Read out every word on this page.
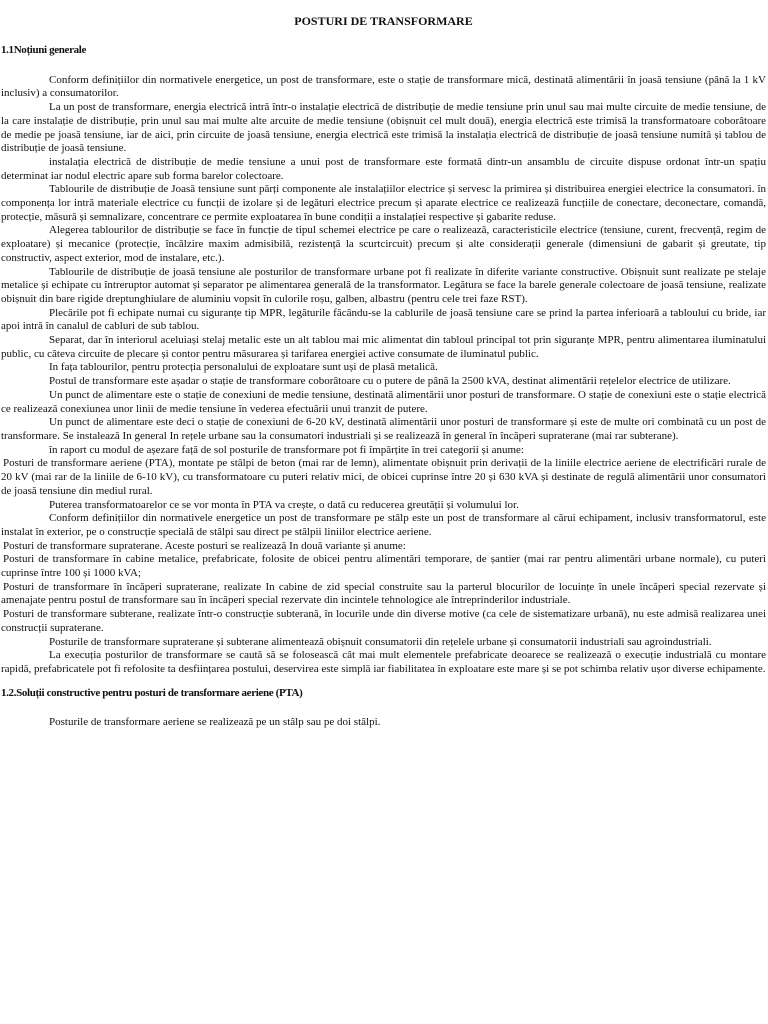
POSTURI DE TRANSFORMARE
1.1Noțiuni generale

Conform definițiilor din normativele energetice, un post de transformare, este o stație de transformare mică, destinată alimentării în joasă tensiune (până la 1 kV inclusiv) a consumatorilor.

La un post de transformare, energia electrică intră într-o instalație electrică de distribuție de medie tensiune prin unul sau mai multe circuite de medie tensiune, de la care instalație de distribuție, prin unul sau mai multe alte arcuite de medie tensiune (obișnuit cel mult două), energia electrică este trimisă la transformatoare coborâtoare de medie pe joasă tensiune, iar de aici, prin circuite de joasă tensiune, energia electrică este trimisă la instalația electrică de distribuție de joasă tensiune numită și tablou de distribuție de joasă tensiune.

instalația electrică de distribuție de medie tensiune a unui post de transformare este formată dintr-un ansamblu de circuite dispuse ordonat într-un spațiu determinat iar nodul electric apare sub forma barelor colectoare.

Tablourile de distribuție de Joasă tensiune sunt părți componente ale instalațiilor electrice și servesc la primirea și distribuirea energiei electrice la consumatori. în componența lor intră materiale electrice cu funcții de izolare și de legături electrice precum și aparate electrice ce realizează funcțiile de conectare, deconectare, comandă, protecție, măsură și semnalizare, concentrare ce permite exploatarea în bune condiții a instalației respective și gabarite reduse.

Alegerea tablourilor de distribuție se face în funcție de tipul schemei electrice pe care o realizează, caracteristicile electrice (tensiune, curent, frecvență, regim de exploatare) și mecanice (protecție, încălzire maxim admisibilă, rezistență la scurtcircuit) precum și alte considerații generale (dimensiuni de gabarit și greutate, tip constructiv, aspect exterior, mod de instalare, etc.).

Tablourile de distribuție de joasă tensiune ale posturilor de transformare urbane pot fi realizate în diferite variante constructive. Obișnuit sunt realizate pe stelaje metalice și echipate cu întreruptor automat și separator pe alimentarea generală de la transformator. Legătura se face la barele generale colectoare de joasă tensiune, realizate obișnuit din bare rigide dreptunghiulare de aluminiu vopsit în culorile roșu, galben, albastru (pentru cele trei faze RST).

Plecările pot fi echipate numai cu siguranțe tip MPR, legăturile făcându-se la cablurile de joasă tensiune care se prind la partea inferioară a tabloului cu bride, iar apoi intră în canalul de cabluri de sub tablou.

Separat, dar în interiorul aceluiași stelaj metalic este un alt tablou mai mic alimentat din tabloul principal tot prin siguranțe MPR, pentru alimentarea iluminatului public, cu câteva circuite de plecare și contor pentru măsurarea și tarifarea energiei active consumate de iluminatul public.

In fața tablourilor, pentru protecția personalului de exploatare sunt uși de plasă metalică.

Postul de transformare este așadar o stație de transformare coborâtoare cu o putere de până la 2500 kVA, destinat alimentării rețelelor electrice de utilizare.

Un punct de alimentare este o stație de conexiuni de medie tensiune, destinată alimentării unor posturi de transformare. O stație de conexiuni este o stație electrică ce realizează conexiunea unor linii de medie tensiune în vederea efectuării unui tranzit de putere.

Un punct de alimentare este deci o stație de conexiuni de 6-20 kV, destinată alimentării unor posturi de transformare și este de multe ori combinată cu un post de transformare. Se instalează In general In rețele urbane sau la consumatori industriali și se realizează în general în încăperi supraterane (mai rar subterane).

în raport cu modul de așezare față de sol posturile de transformare pot fi împărțite în trei categorii și anume:

Posturi de transformare aeriene (PTA), montate pe stâlpi de beton (mai rar de lemn), alimentate obișnuit prin derivații de la liniile electrice aeriene de electrificări rurale de 20 kV (mai rar de la liniile de 6-10 kV), cu transformatoare cu puteri relativ mici, de obicei cuprinse între 20 și 630 kVA și destinate de regulă alimentării unor consumatori de joasă tensiune din mediul rural.

Puterea transformatoarelor ce se vor monta în PTA va crește, o dată cu reducerea greutății și volumului lor.

Conform definițiilor din normativele energetice un post de transformare pe stâlp este un post de transformare al cărui echipament, inclusiv transformatorul, este instalat în exterior, pe o construcție specială de stâlpi sau direct pe stâlpii liniilor electrice aeriene.

Posturi de transformare supraterane. Aceste posturi se realizează In două variante și anume:

Posturi de transformare în cabine metalice, prefabricate, folosite de obicei pentru alimentări temporare, de șantier (mai rar pentru alimentări urbane normale), cu puteri cuprinse între 100 și 1000 kVA;

Posturi de transformare în încăperi supraterane, realizate In cabine de zid special construite sau la parterul blocurilor de locuințe în unele încăperi special rezervate și amenajate pentru postul de transformare sau în încăperi special rezervate din incintele tehnologice ale întreprinderilor industriale.

Posturi de transformare subterane, realizate într-o construcție subterană, în locurile unde din diverse motive (ca cele de sistematizare urbană), nu este admisă realizarea unei construcții supraterane.

Posturile de transformare supraterane și subterane alimentează obișnuit consumatorii din rețelele urbane și consumatorii industriali sau agroindustriali.

La execuția posturilor de transformare se caută să se folosească cât mai mult elementele prefabricate deoarece se realizează o execuție industrială cu montare rapidă, prefabricatele pot fi refolosite ta desființarea postului, deservirea este simplă iar fiabilitatea în exploatare este mare și se pot schimba relativ ușor diverse echipamente.

1.2.Soluții constructive pentru posturi de transformare aeriene (PTA)

Posturile de transformare aeriene se realizează pe un stâlp sau pe doi stâlpi.
